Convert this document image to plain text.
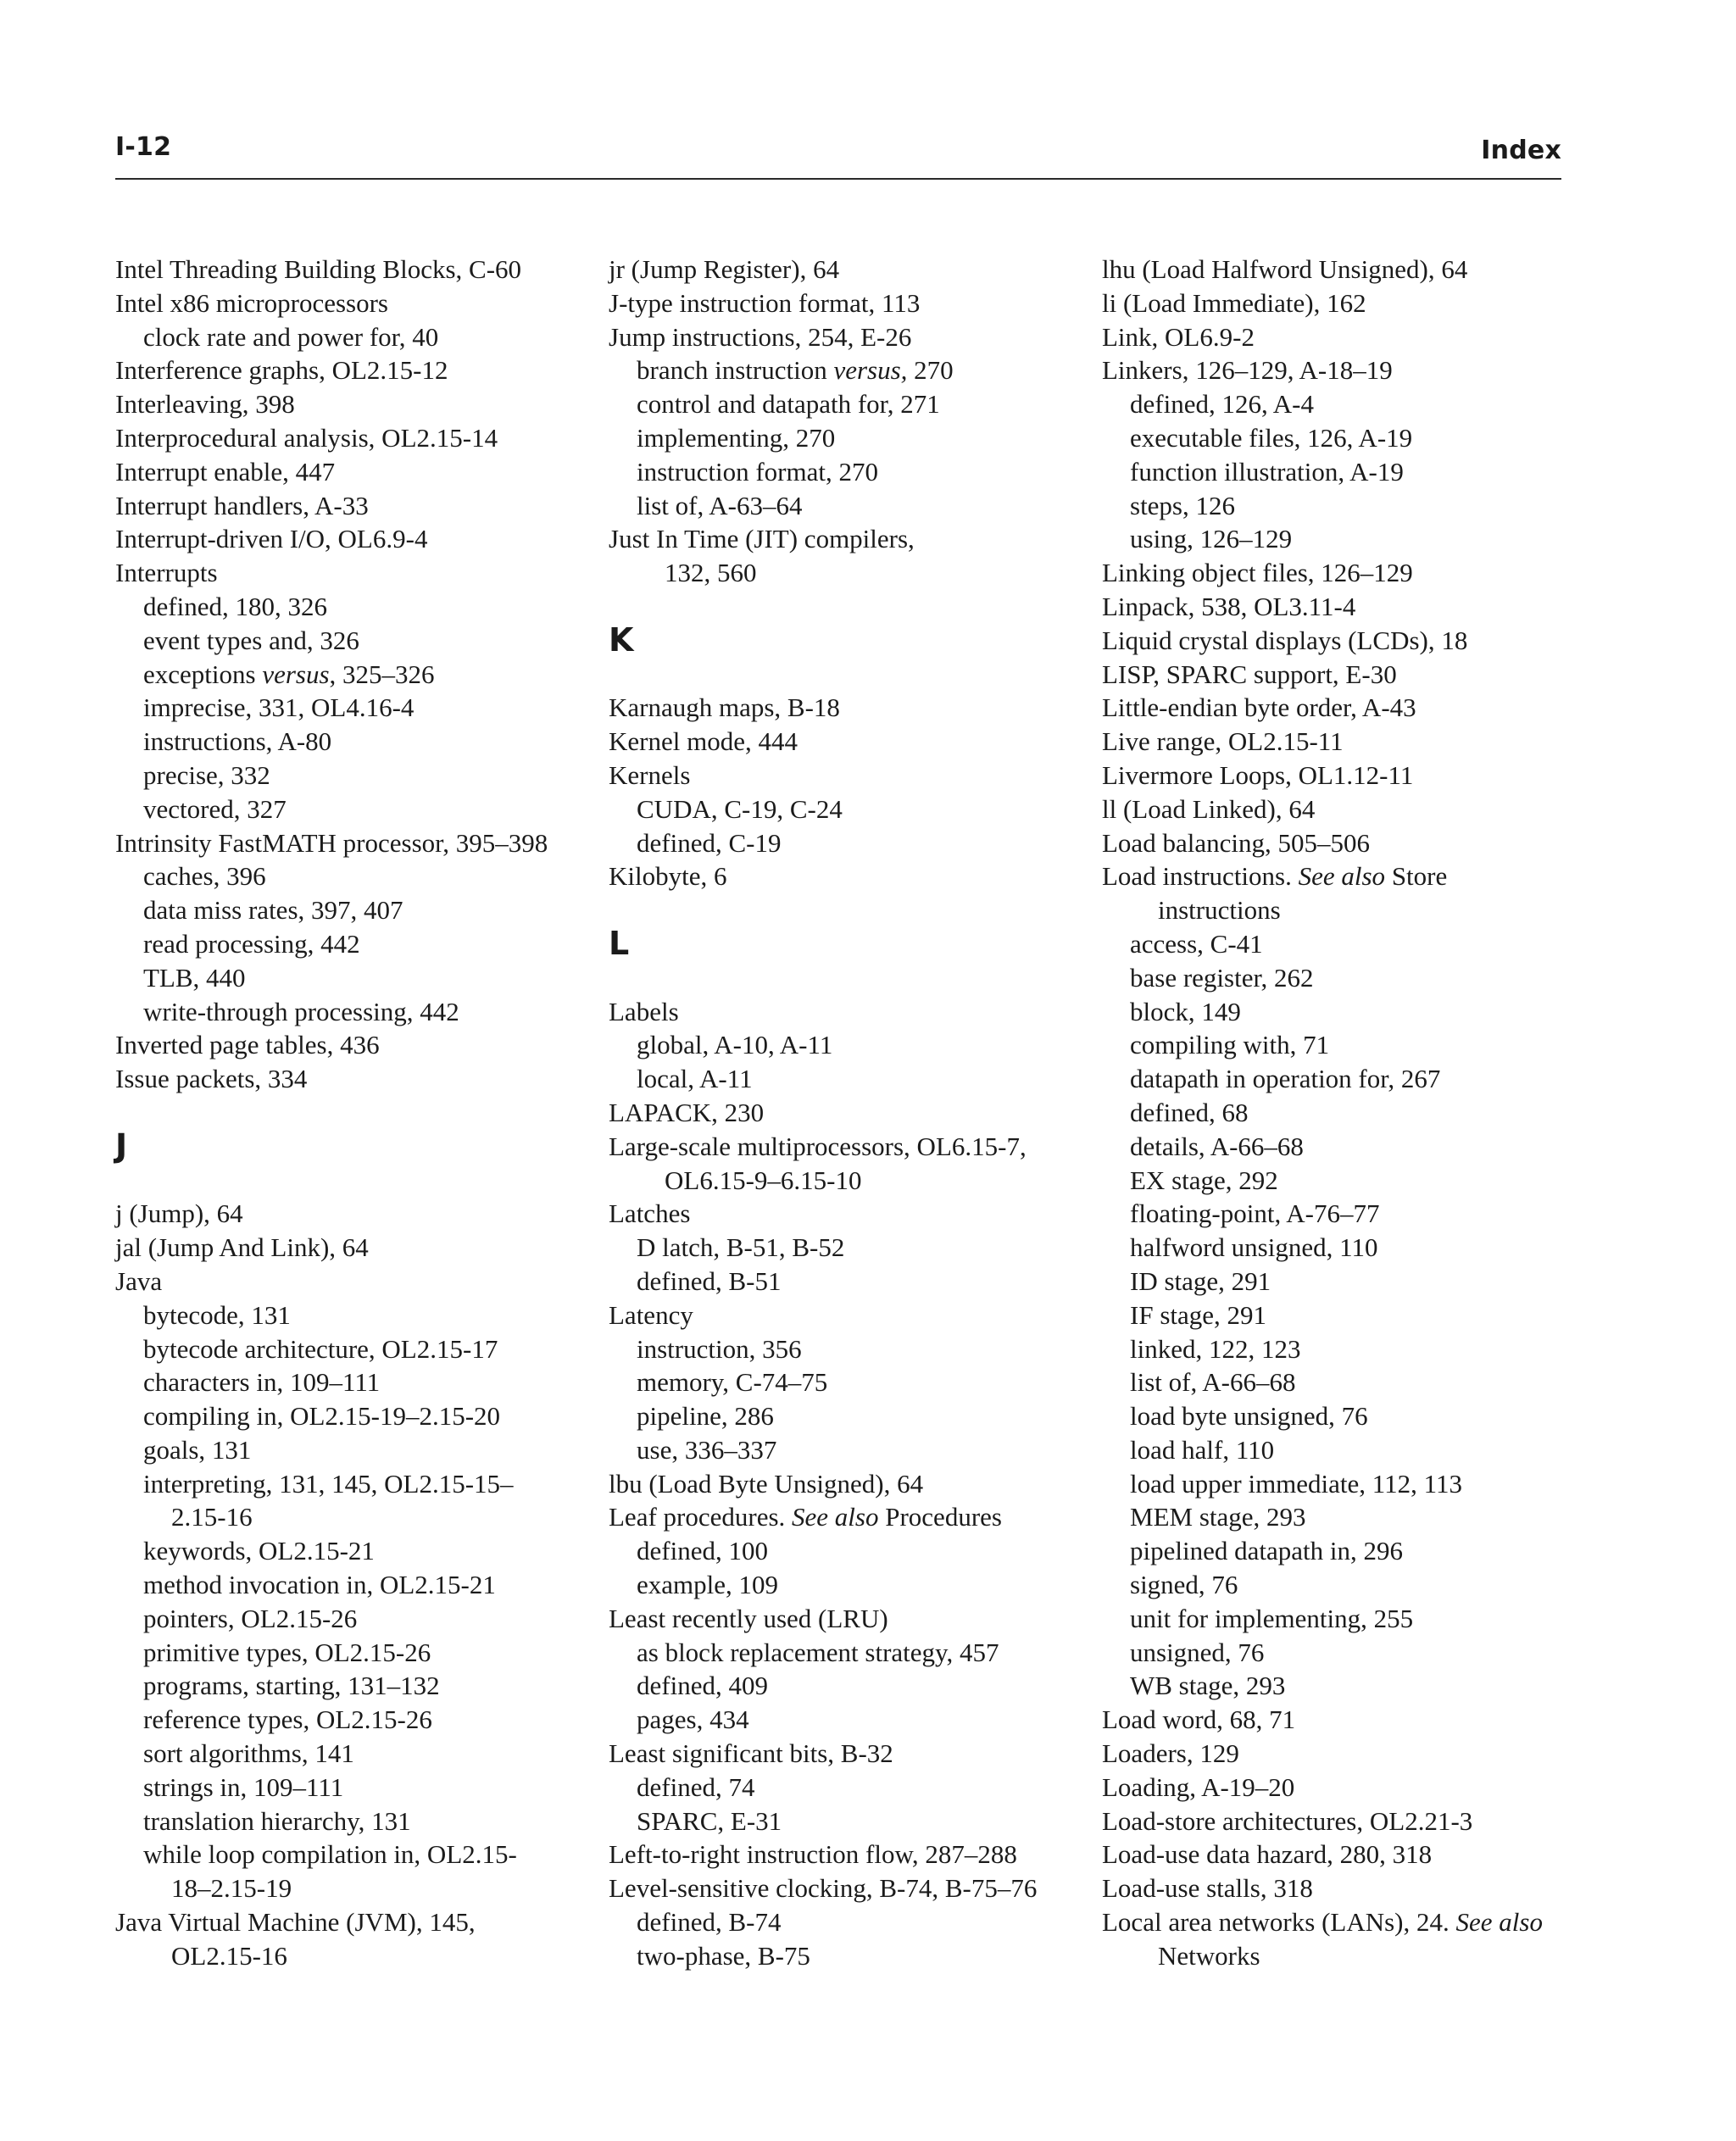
I-12	Index
Intel Threading Building Blocks, C-60
Intel x86 microprocessors
clock rate and power for, 40
Interference graphs, OL2.15-12
Interleaving, 398
Interprocedural analysis, OL2.15-14
Interrupt enable, 447
Interrupt handlers, A-33
Interrupt-driven I/O, OL6.9-4
Interrupts
defined, 180, 326
event types and, 326
exceptions versus, 325–326
imprecise, 331, OL4.16-4
instructions, A-80
precise, 332
vectored, 327
Intrinsity FastMATH processor, 395–398
caches, 396
data miss rates, 397, 407
read processing, 442
TLB, 440
write-through processing, 442
Inverted page tables, 436
Issue packets, 334
J
j (Jump), 64
jal (Jump And Link), 64
Java
bytecode, 131
bytecode architecture, OL2.15-17
characters in, 109–111
compiling in, OL2.15-19–2.15-20
goals, 131
interpreting, 131, 145, OL2.15-15–
2.15-16
keywords, OL2.15-21
method invocation in, OL2.15-21
pointers, OL2.15-26
primitive types, OL2.15-26
programs, starting, 131–132
reference types, OL2.15-26
sort algorithms, 141
strings in, 109–111
translation hierarchy, 131
while loop compilation in, OL2.15-
18–2.15-19
Java Virtual Machine (JVM), 145,
OL2.15-16
jr (Jump Register), 64
J-type instruction format, 113
Jump instructions, 254, E-26
branch instruction versus, 270
control and datapath for, 271
implementing, 270
instruction format, 270
list of, A-63–64
Just In Time (JIT) compilers,
132, 560
K
Karnaugh maps, B-18
Kernel mode, 444
Kernels
CUDA, C-19, C-24
defined, C-19
Kilobyte, 6
L
Labels
global, A-10, A-11
local, A-11
LAPACK, 230
Large-scale multiprocessors, OL6.15-7,
OL6.15-9–6.15-10
Latches
D latch, B-51, B-52
defined, B-51
Latency
instruction, 356
memory, C-74–75
pipeline, 286
use, 336–337
lbu (Load Byte Unsigned), 64
Leaf procedures. See also Procedures
defined, 100
example, 109
Least recently used (LRU)
as block replacement strategy, 457
defined, 409
pages, 434
Least significant bits, B-32
defined, 74
SPARC, E-31
Left-to-right instruction flow, 287–288
Level-sensitive clocking, B-74, B-75–76
defined, B-74
two-phase, B-75
lhu (Load Halfword Unsigned), 64
li (Load Immediate), 162
Link, OL6.9-2
Linkers, 126–129, A-18–19
defined, 126, A-4
executable files, 126, A-19
function illustration, A-19
steps, 126
using, 126–129
Linking object files, 126–129
Linpack, 538, OL3.11-4
Liquid crystal displays (LCDs), 18
LISP, SPARC support, E-30
Little-endian byte order, A-43
Live range, OL2.15-11
Livermore Loops, OL1.12-11
ll (Load Linked), 64
Load balancing, 505–506
Load instructions. See also Store
instructions
access, C-41
base register, 262
block, 149
compiling with, 71
datapath in operation for, 267
defined, 68
details, A-66–68
EX stage, 292
floating-point, A-76–77
halfword unsigned, 110
ID stage, 291
IF stage, 291
linked, 122, 123
list of, A-66–68
load byte unsigned, 76
load half, 110
load upper immediate, 112, 113
MEM stage, 293
pipelined datapath in, 296
signed, 76
unit for implementing, 255
unsigned, 76
WB stage, 293
Load word, 68, 71
Loaders, 129
Loading, A-19–20
Load-store architectures, OL2.21-3
Load-use data hazard, 280, 318
Load-use stalls, 318
Local area networks (LANs), 24. See also
Networks
